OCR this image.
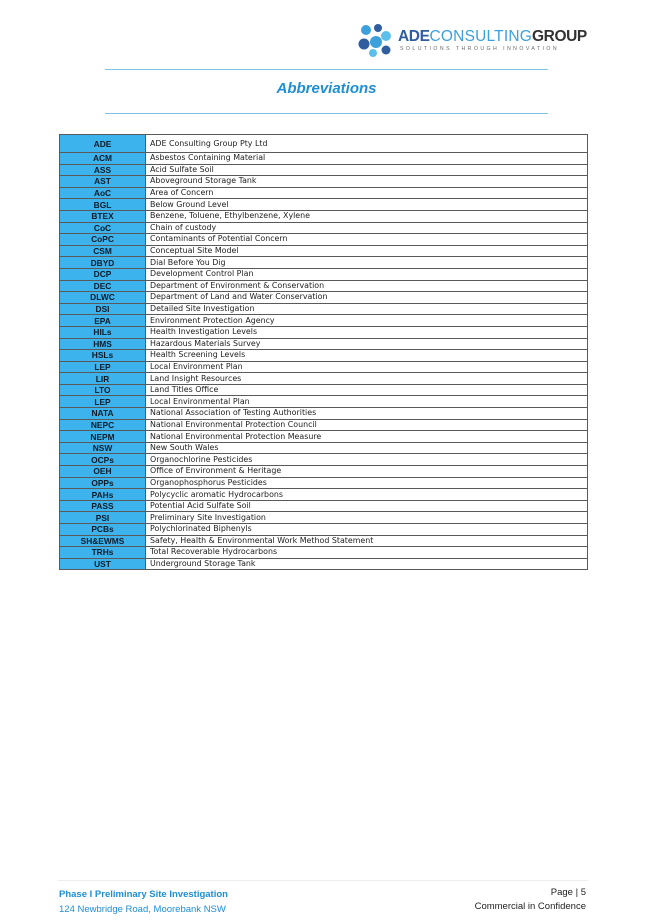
ADECONSULTINGGROUP
SOLUTIONS THROUGH INNOVATION
Abbreviations
ADE	ADE Consulting Group Pty Ltd
ACM	Asbestos Containing Material
ASS	Acid Sulfate Soil
AST	Aboveground Storage Tank
AoC	Area of Concern
BGL	Below Ground Level
BTEX	Benzene, Toluene, Ethylbenzene, Xylene
CoC	Chain of custody
CoPC	Contaminants of Potential Concern
CSM	Conceptual Site Model
DBYD	Dial Before You Dig
DCP	Development Control Plan
DEC	Department of Environment & Conservation
DLWC	Department of Land and Water Conservation
DSI	Detailed Site Investigation
EPA	Environment Protection Agency
HILs	Health Investigation Levels
HMS	Hazardous Materials Survey
HSLs	Health Screening Levels
LEP	Local Environment Plan
LIR	Land Insight Resources
LTO	Land Titles Office
LEP	Local Environmental Plan
NATA	National Association of Testing Authorities
NEPC	National Environmental Protection Council
NEPM	National Environmental Protection Measure
NSW	New South Wales
OCPs	Organochlorine Pesticides
OEH	Office of Environment & Heritage
OPPs	Organophosphorus Pesticides
PAHs	Polycyclic aromatic Hydrocarbons
PASS	Potential Acid Sulfate Soil
PSI	Preliminary Site Investigation
PCBs	Polychlorinated Biphenyls
SH&EWMS	Safety, Health & Environmental Work Method Statement
TRHs	Total Recoverable Hydrocarbons
UST	Underground Storage Tank
Phase I Preliminary Site Investigation
124 Newbridge Road, Moorebank NSW
Page | 5
Commercial in Confidence
